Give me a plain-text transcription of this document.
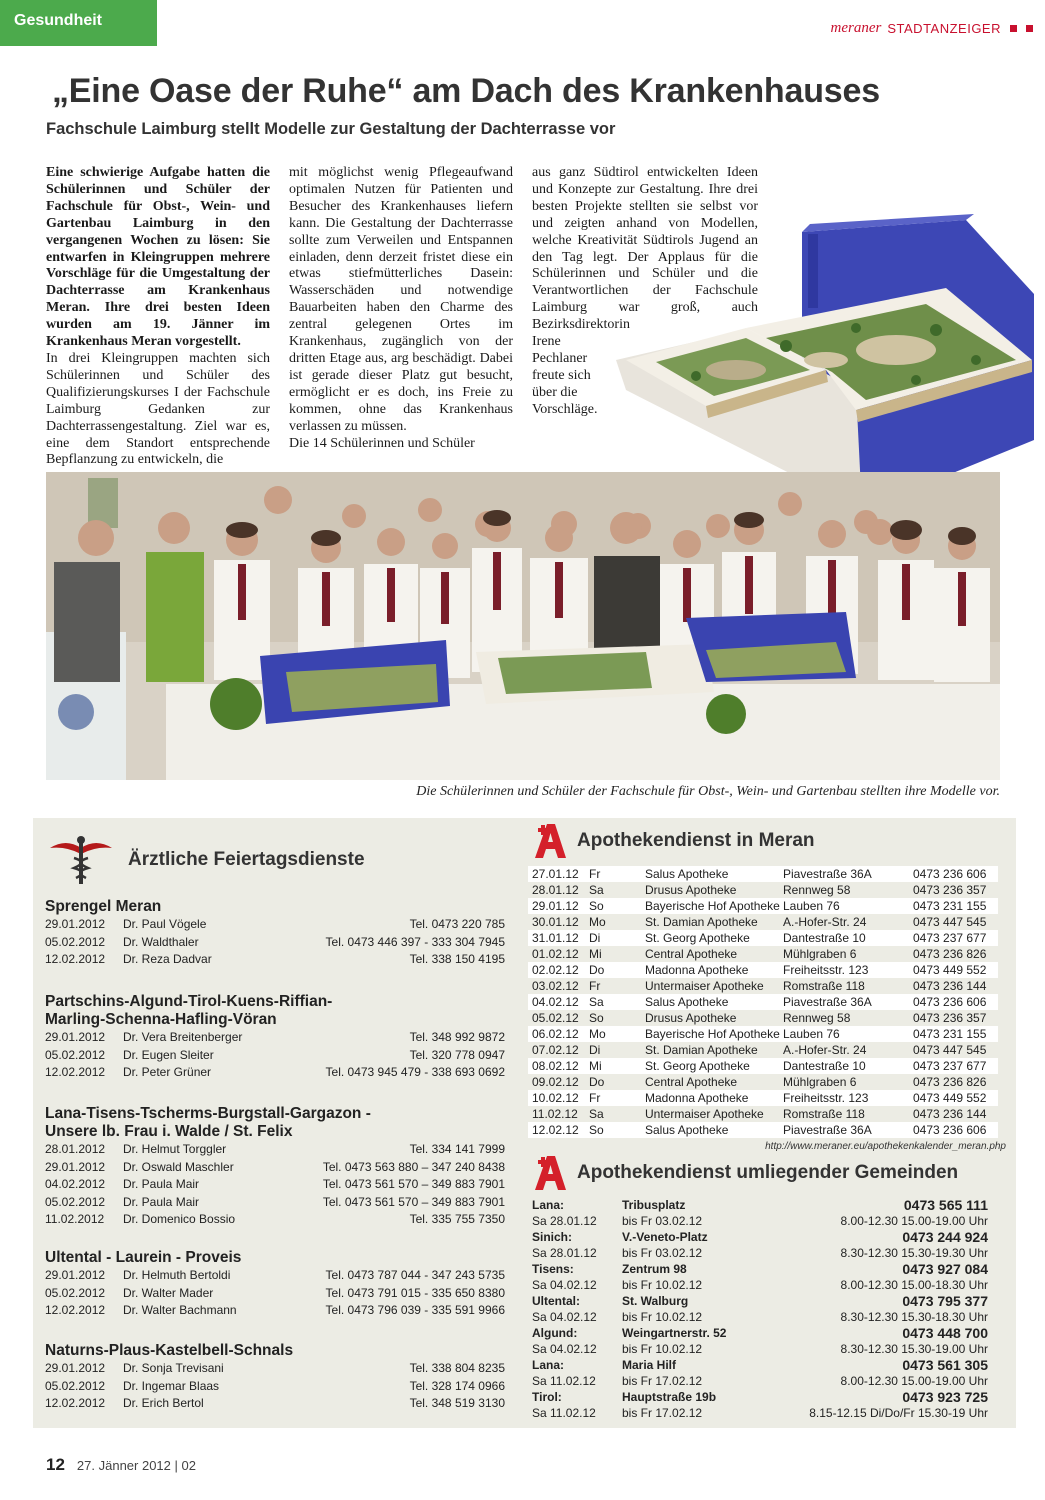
Gesundheit	meraner STADTANZEIGER
„Eine Oase der Ruhe“ am Dach des Krankenhauses
Fachschule Laimburg stellt Modelle zur Gestaltung der Dachterrasse vor

Eine schwierige Aufgabe hatten die Schülerinnen und Schüler der Fachschule für Obst-, Wein- und Gartenbau Laimburg in den vergangenen Wochen zu lösen: Sie entwarfen in Kleingruppen mehrere Vorschläge für die Umgestaltung der Dachterrasse am Krankenhaus Meran. Ihre drei besten Ideen wurden am 19. Jänner im Krankenhaus Meran vorgestellt.

In drei Kleingruppen machten sich Schülerinnen und Schüler des Qualifizierungskurses I der Fachschule Laimburg Gedanken zur Dachterrassengestaltung. Ziel war es, eine dem Standort entsprechende Bepflanzung zu entwickeln, die

mit möglichst wenig Pflegeaufwand optimalen Nutzen für Patienten und Besucher des Krankenhauses liefern kann. Die Gestaltung der Dachterrasse sollte zum Verweilen und Entspannen einladen, denn derzeit fristet diese ein etwas stiefmütterliches Dasein: Wasserschäden und notwendige Bauarbeiten haben den Charme des zentral gelegenen Ortes im Krankenhaus, zugänglich von der dritten Etage aus, arg beschädigt. Dabei ist gerade dieser Platz gut besucht, ermöglicht er es doch, ins Freie zu kommen, ohne das Krankenhaus verlassen zu müssen.

Die 14 Schülerinnen und Schüler

aus ganz Südtirol entwickelten Ideen und Konzepte zur Gestaltung. Ihre drei besten Projekte stellten sie selbst vor und zeigten anhand von Modellen, welche Kreativität Südtirols Jugend an den Tag legt. Der Applaus für die Schülerinnen und Schüler und die Verantwortlichen der Fachschule Laimburg war groß, auch Bezirksdirektorin

Irene Pechlaner freute sich über die Vorschläge.

Die Schülerinnen und Schüler der Fachschule für Obst-, Wein- und Gartenbau stellten ihre Modelle vor.
Ärztliche Feiertagsdienste
Sprengel Meran
29.01.2012	Dr. Paul Vögele	Tel. 0473 220 785
05.02.2012	Dr. Waldthaler	Tel. 0473 446 397 - 333 304 7945
12.02.2012	Dr. Reza Dadvar	Tel. 338 150 4195
Partschins-Algund-Tirol-Kuens-Riffian-
Marling-Schenna-Hafling-Vöran
29.01.2012	Dr. Vera Breitenberger	Tel. 348 992 9872
05.02.2012	Dr. Eugen Sleiter	Tel. 320 778 0947
12.02.2012	Dr. Peter Grüner	Tel. 0473 945 479 - 338 693 0692
Lana-Tisens-Tscherms-Burgstall-Gargazon -
Unsere lb. Frau i. Walde / St. Felix
28.01.2012	Dr. Helmut Torggler	Tel. 334 141 7999
29.01.2012	Dr. Oswald Maschler	Tel. 0473 563 880 – 347 240 8438
04.02.2012	Dr. Paula Mair	Tel. 0473 561 570 – 349 883 7901
05.02.2012	Dr. Paula Mair	Tel. 0473 561 570 – 349 883 7901
11.02.2012	Dr. Domenico Bossio	Tel. 335 755 7350
Ultental - Laurein - Proveis
29.01.2012	Dr. Helmuth Bertoldi	Tel. 0473 787 044 - 347 243 5735
05.02.2012	Dr. Walter Mader	Tel. 0473 791 015 - 335 650 8380
12.02.2012	Dr. Walter Bachmann	Tel. 0473 796 039 - 335 591 9966
Naturns-Plaus-Kastelbell-Schnals
29.01.2012	Dr. Sonja Trevisani	Tel. 338 804 8235
05.02.2012	Dr. Ingemar Blaas	Tel. 328 174 0966
12.02.2012	Dr. Erich Bertol	Tel. 348 519 3130
Apothekendienst in Meran
27.01.12 Fr	Salus Apotheke	Piavestraße 36A	0473 236 606
28.01.12 Sa	Drusus Apotheke	Rennweg 58	0473 236 357
29.01.12 So	Bayerische Hof Apotheke Lauben 76	0473 231 155
30.01.12 Mo	St. Damian Apotheke	A.-Hofer-Str. 24	0473 447 545
31.01.12 Di	St. Georg Apotheke	Dantestraße 10	0473 237 677
01.02.12 Mi	Central Apotheke	Mühlgraben 6	0473 236 826
02.02.12 Do	Madonna Apotheke	Freiheitsstr. 123	0473 449 552
03.02.12 Fr	Untermaiser Apotheke	Romstraße 118	0473 236 144
04.02.12 Sa	Salus Apotheke	Piavestraße 36A	0473 236 606
05.02.12 So	Drusus Apotheke	Rennweg 58	0473 236 357
06.02.12 Mo	Bayerische Hof Apotheke Lauben 76	0473 231 155
07.02.12 Di	St. Damian Apotheke	A.-Hofer-Str. 24	0473 447 545
08.02.12 Mi	St. Georg Apotheke	Dantestraße 10	0473 237 677
09.02.12 Do	Central Apotheke	Mühlgraben 6	0473 236 826
10.02.12 Fr	Madonna Apotheke	Freiheitsstr. 123	0473 449 552
11.02.12 Sa	Untermaiser Apotheke	Romstraße 118	0473 236 144
12.02.12 So	Salus Apotheke	Piavestraße 36A	0473 236 606
http://www.meraner.eu/apothekenkalender_meran.php
Apothekendienst umliegender Gemeinden
Lana:	Tribusplatz	0473 565 111
Sa 28.01.12	bis Fr 03.02.12	8.00-12.30 15.00-19.00 Uhr
Sinich:	V.-Veneto-Platz	0473 244 924
Sa 28.01.12	bis Fr 03.02.12	8.30-12.30 15.30-19.30 Uhr
Tisens:	Zentrum 98	0473 927 084
Sa 04.02.12	bis Fr 10.02.12	8.00-12.30 15.00-18.30 Uhr
Ultental:	St. Walburg	0473 795 377
Sa 04.02.12	bis Fr 10.02.12	8.30-12.30 15.30-18.30 Uhr
Algund:	Weingartnerstr. 52	0473 448 700
Sa 04.02.12	bis Fr 10.02.12	8.30-12.30 15.30-19.00 Uhr
Lana:	Maria Hilf	0473 561 305
Sa 11.02.12	bis Fr 17.02.12	8.00-12.30 15.00-19.00 Uhr
Tirol:	Hauptstraße 19b	0473 923 725
Sa 11.02.12	bis Fr 17.02.12	8.15-12.15 Di/Do/Fr 15.30-19 Uhr
12 27. Jänner 2012 | 02
